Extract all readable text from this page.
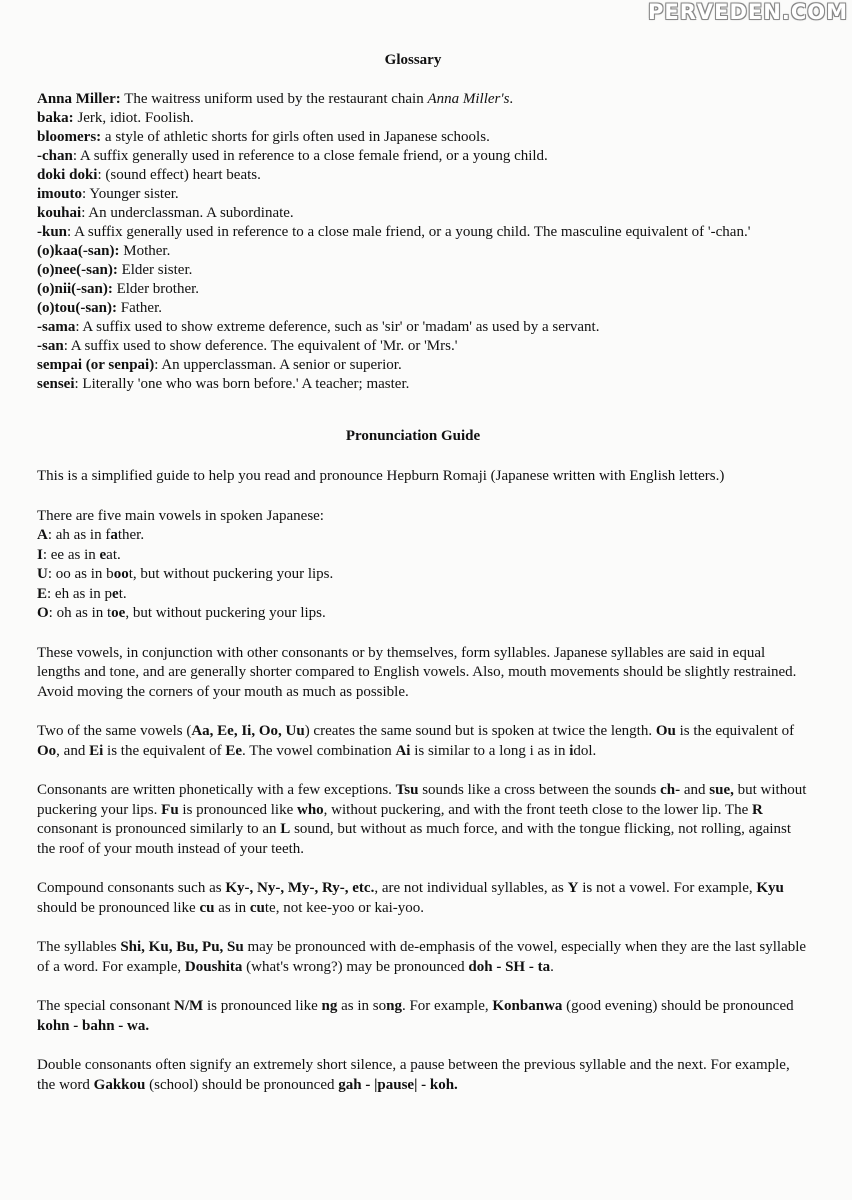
PERVEDEN.COM
Glossary
Anna Miller: The waitress uniform used by the restaurant chain Anna Miller's.
baka: Jerk, idiot. Foolish.
bloomers: a style of athletic shorts for girls often used in Japanese schools.
-chan: A suffix generally used in reference to a close female friend, or a young child.
doki doki: (sound effect) heart beats.
imouto: Younger sister.
kouhai: An underclassman. A subordinate.
-kun: A suffix generally used in reference to a close male friend, or a young child. The masculine equivalent of '-chan.'
(o)kaa(-san): Mother.
(o)nee(-san): Elder sister.
(o)nii(-san): Elder brother.
(o)tou(-san): Father.
-sama: A suffix used to show extreme deference, such as 'sir' or 'madam' as used by a servant.
-san: A suffix used to show deference. The equivalent of 'Mr. or 'Mrs.'
sempai (or senpai): An upperclassman. A senior or superior.
sensei: Literally 'one who was born before.' A teacher; master.
Pronunciation Guide

This is a simplified guide to help you read and pronounce Hepburn Romaji (Japanese written with English letters.)

There are five main vowels in spoken Japanese:

A: ah as in father.
I: ee as in eat.
U: oo as in boot, but without puckering your lips.
E: eh as in pet.
O: oh as in toe, but without puckering your lips.

These vowels, in conjunction with other consonants or by themselves, form syllables. Japanese syllables are said in equal lengths and tone, and are generally shorter compared to English vowels. Also, mouth movements should be slightly restrained. Avoid moving the corners of your mouth as much as possible.

Two of the same vowels (Aa, Ee, Ii, Oo, Uu) creates the same sound but is spoken at twice the length. Ou is the equivalent of Oo, and Ei is the equivalent of Ee. The vowel combination Ai is similar to a long i as in idol.

Consonants are written phonetically with a few exceptions. Tsu sounds like a cross between the sounds ch- and sue, but without puckering your lips. Fu is pronounced like who, without puckering, and with the front teeth close to the lower lip. The R consonant is pronounced similarly to an L sound, but without as much force, and with the tongue flicking, not rolling, against the roof of your mouth instead of your teeth.

Compound consonants such as Ky-, Ny-, My-, Ry-, etc., are not individual syllables, as Y is not a vowel. For example, Kyu should be pronounced like cu as in cute, not kee-yoo or kai-yoo.

The syllables Shi, Ku, Bu, Pu, Su may be pronounced with de-emphasis of the vowel, especially when they are the last syllable of a word. For example, Doushita (what's wrong?) may be pronounced doh - SH - ta.

The special consonant N/M is pronounced like ng as in song. For example, Konbanwa (good evening) should be pronounced kohn - bahn - wa.

Double consonants often signify an extremely short silence, a pause between the previous syllable and the next. For example, the word Gakkou (school) should be pronounced gah - |pause| - koh.
